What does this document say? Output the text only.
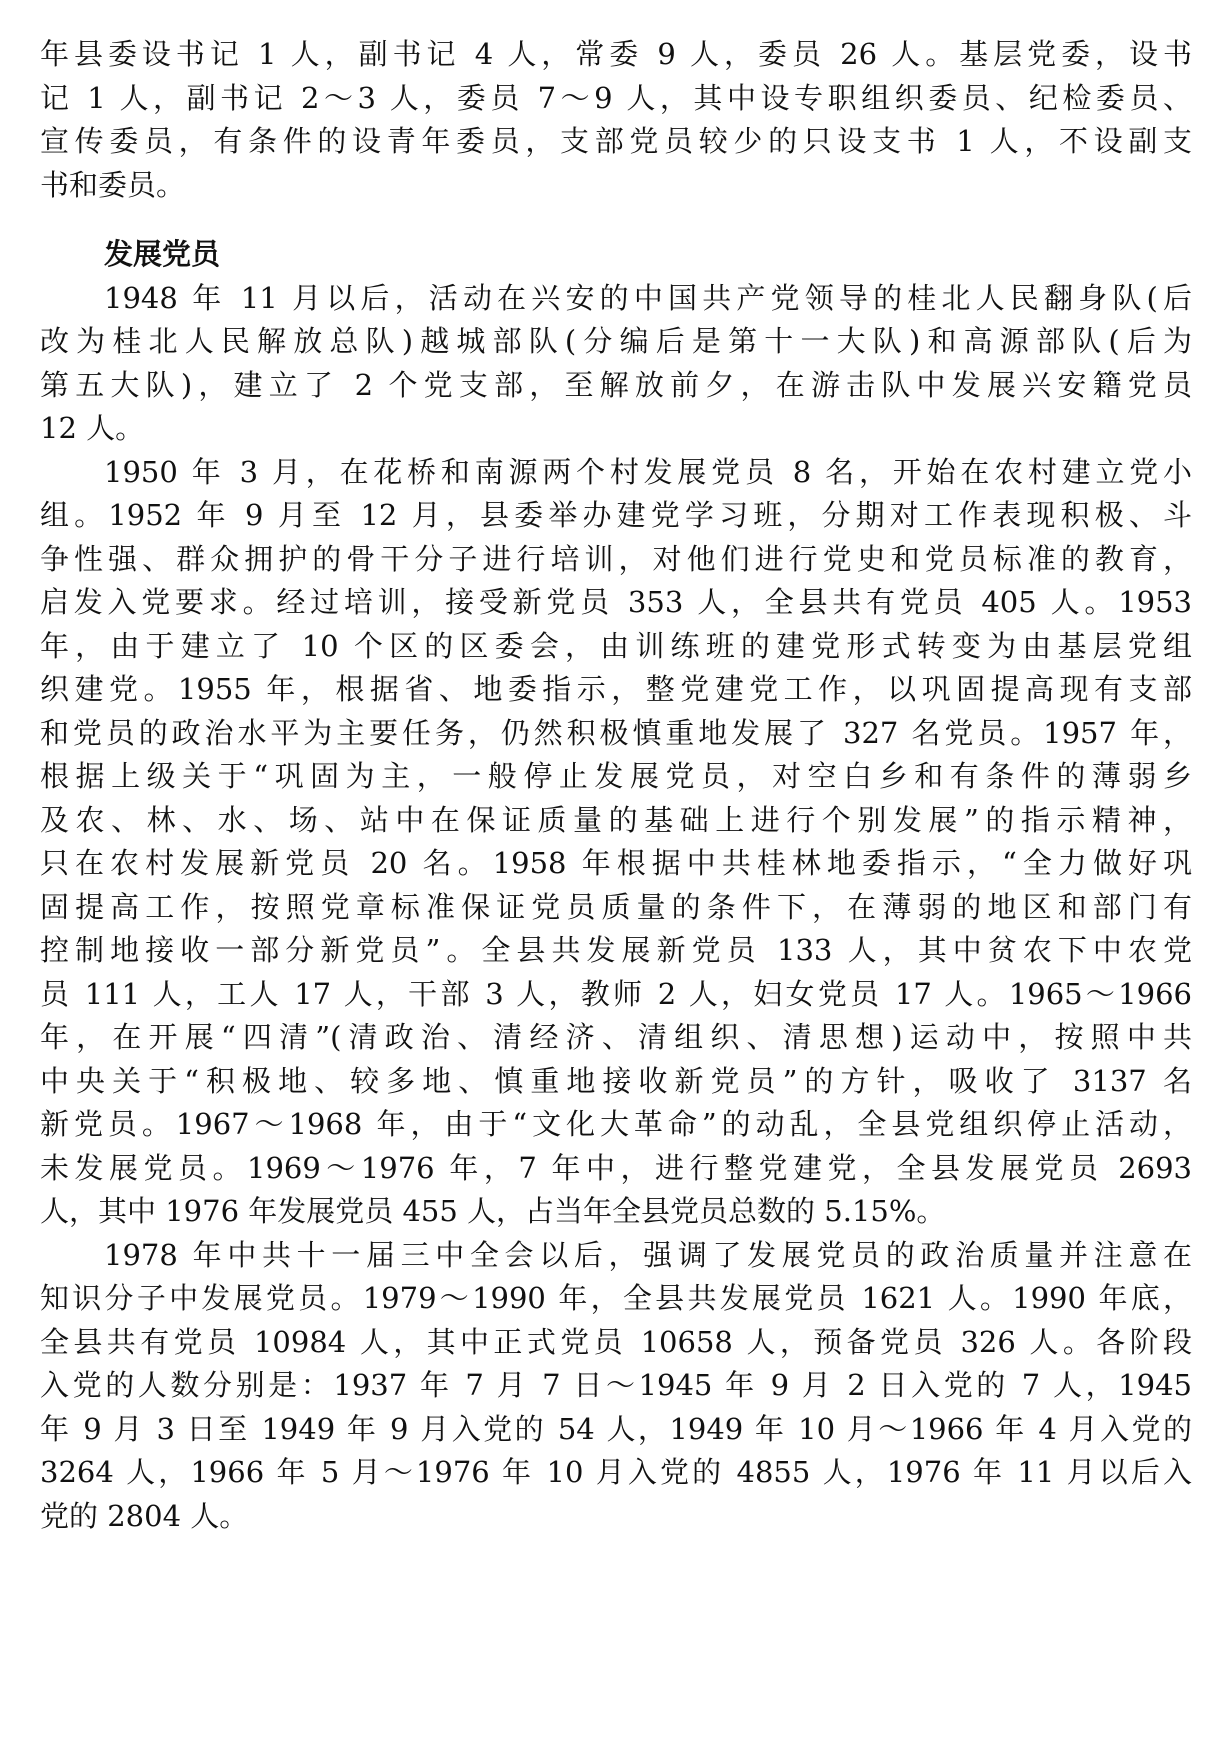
年县委设书记 1 人，副书记 4 人，常委 9 人，委员 26 人。基层党委，设书
记 1 人，副书记 2～3 人，委员 7～9 人，其中设专职组织委员、纪检委员、
宣传委员，有条件的设青年委员，支部党员较少的只设支书 1 人，不设副支
书和委员。
发展党员
1948 年 11 月以后，活动在兴安的中国共产党领导的桂北人民翻身队(后
改为桂北人民解放总队)越城部队(分编后是第十一大队)和高源部队(后为
第五大队)，建立了 2 个党支部，至解放前夕，在游击队中发展兴安籍党员
12 人。
1950 年 3 月，在花桥和南源两个村发展党员 8 名，开始在农村建立党小
组。1952 年 9 月至 12 月，县委举办建党学习班，分期对工作表现积极、斗
争性强、群众拥护的骨干分子进行培训，对他们进行党史和党员标准的教育，
启发入党要求。经过培训，接受新党员 353 人，全县共有党员 405 人。1953
年，由于建立了 10 个区的区委会，由训练班的建党形式转变为由基层党组
织建党。1955 年，根据省、地委指示，整党建党工作，以巩固提高现有支部
和党员的政治水平为主要任务，仍然积极慎重地发展了 327 名党员。1957 年，
根据上级关于“巩固为主，一般停止发展党员，对空白乡和有条件的薄弱乡
及农、林、水、场、站中在保证质量的基础上进行个别发展”的指示精神，
只在农村发展新党员 20 名。1958 年根据中共桂林地委指示，“全力做好巩
固提高工作，按照党章标准保证党员质量的条件下，在薄弱的地区和部门有
控制地接收一部分新党员”。全县共发展新党员 133 人，其中贫农下中农党
员 111 人，工人 17 人，干部 3 人，教师 2 人，妇女党员 17 人。1965～1966
年，在开展“四清”(清政治、清经济、清组织、清思想)运动中，按照中共
中央关于“积极地、较多地、慎重地接收新党员”的方针，吸收了 3137 名
新党员。1967～1968 年，由于“文化大革命”的动乱，全县党组织停止活动，
未发展党员。1969～1976 年，7 年中，进行整党建党，全县发展党员 2693
人，其中 1976 年发展党员 455 人，占当年全县党员总数的 5.15%。
1978 年中共十一届三中全会以后，强调了发展党员的政治质量并注意在
知识分子中发展党员。1979～1990 年，全县共发展党员 1621 人。1990 年底，
全县共有党员 10984 人，其中正式党员 10658 人，预备党员 326 人。各阶段
入党的人数分别是：1937 年 7 月 7 日～1945 年 9 月 2 日入党的 7 人，1945
年 9 月 3 日至 1949 年 9 月入党的 54 人，1949 年 10 月～1966 年 4 月入党的
3264 人，1966 年 5 月～1976 年 10 月入党的 4855 人，1976 年 11 月以后入
党的 2804 人。
